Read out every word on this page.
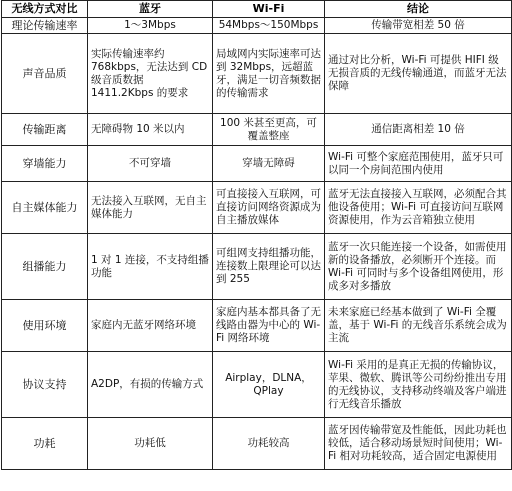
无线方式对比	蓝牙	Wi-Fi	结论
理论传输速率	1～3Mbps	54Mbps～150Mbps	传输带宽相差 50 倍
声音品质	实际传输速率约 768kbps，无法达到 CD 级音质数据 1411.2Kbps 的要求	局域网内实际速率可达到 32Mbps，远超蓝牙，满足一切音频数据的传输需求	通过对比分析，Wi-Fi 可提供 HIFI 级无损音质的无线传输通道，而蓝牙无法保障
传输距离	无障碍物 10 米以内	100 米甚至更高，可覆盖整座	通信距离相差 10 倍
穿墙能力	不可穿墙	穿墙无障碍	Wi-Fi 可整个家庭范围使用，蓝牙只可以同一个房间范围内使用
自主媒体能力	无法接入互联网，无自主媒体能力	可直接接入互联网，可直接访问网络资源成为自主播放媒体	蓝牙无法直接接入互联网，必须配合其他设备使用；Wi-Fi 可直接访问互联网资源使用，作为云音箱独立使用
组播能力	1 对 1 连接，不支持组播功能	可组网支持组播功能，连接数上限理论可以达到 255	蓝牙一次只能连接一个设备，如需使用新的设备播放，必须断开个连接。而 Wi-Fi 可同时与多个设备组网使用，形成多对多播放
使用环境	家庭内无蓝牙网络环境	家庭内基本都具备了无线路由器为中心的 Wi-Fi 网络环境	未来家庭已经基本做到了 Wi-Fi 全覆盖，基于 Wi-Fi 的无线音乐系统会成为主流
协议支持	A2DP，有损的传输方式	Airplay，DLNA，QPlay	Wi-Fi 采用的是真正无损的传输协议，苹果、微软、腾讯等公司纷纷推出专用的无线协议，支持移动终端及客户端进行无线音乐播放
功耗	功耗低	功耗较高	蓝牙因传输带宽及性能低，因此功耗也较低，适合移动场景短时间使用；Wi-Fi 相对功耗较高，适合固定电源使用
